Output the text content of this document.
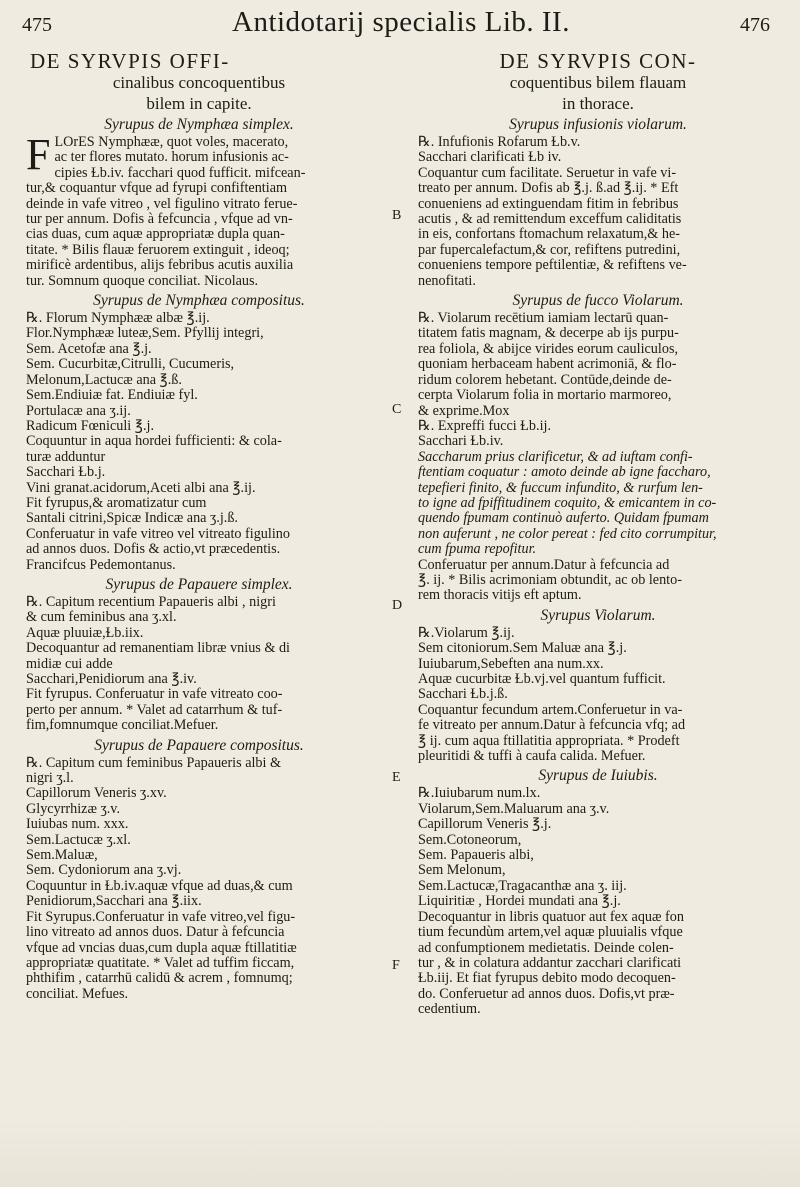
475	Antidotarij specialis Lib. II.	476
DE SYRVPIS OFFI-
cinalibus concoquentibus
bilem in capite.
Syrupus de Nymphæa simplex.
F LOrES Nymphææ, quot voles, macerato,
ac ter flores mutato. horum infusionis ac-
cipies Ɫb.iv. facchari quod fufficit. mifcean-
tur,& coquantur vfque ad fyrupi confiftentiam
deinde in vafe vitreo , vel figulino vitrato ferue-
tur per annum. Dofis à fefcuncia , vfque ad vn-
cias duas, cum aquæ appropriatæ dupla quan-
titate. * Bilis flauæ feruorem extinguit , ideoq;
mirificè ardentibus, alijs febribus acutis auxilia
tur. Somnum quoque conciliat. Nicolaus.
Syrupus de Nymphæa compositus.
℞. Florum Nymphææ albæ ℥.ij.
Flor.Nymphææ luteæ,Sem. Pfyllij integri,
Sem. Acetofæ ana ℥.j.
Sem. Cucurbitæ,Citrulli, Cucumeris,
Melonum,Lactucæ ana ℥.ß.
Sem.Endiuiæ fat. Endiuiæ fyl.
Portulacæ ana ʒ.ij.
Radicum Fœniculi ℥.j.
Coquuntur in aqua hordei fufficienti: & cola-
turæ adduntur
Sacchari Ɫb.j.
Vini granat.acidorum,Aceti albi ana ℥.ij.
Fit fyrupus,& aromatizatur cum
Santali citrini,Spicæ Indicæ ana ʒ.j.ß.
Conferuatur in vafe vitreo vel vitreato figulino
ad annos duos. Dofis & actio,vt præcedentis.
Francifcus Pedemontanus.
Syrupus de Papauere simplex.
℞. Capitum recentium Papaueris albi , nigri
& cum feminibus ana ʒ.xl.
Aquæ pluuiæ,Ɫb.iix.
Decoquantur ad remanentiam libræ vnius & di
midiæ cui adde
Sacchari,Penidiorum ana ℥.iv.
Fit fyrupus. Conferuatur in vafe vitreato coo-
perto per annum. * Valet ad catarrhum & tuf-
fim,fomnumque conciliat.Mefuer.
Syrupus de Papauere compositus.
℞. Capitum cum feminibus Papaueris albi &
nigri ʒ.l.
Capillorum Veneris ʒ.xv.
Glycyrrhizæ ʒ.v.
Iuiubas num. xxx.
Sem.Lactucæ ʒ.xl.
Sem.Maluæ,
Sem. Cydoniorum ana ʒ.vj.
Coquuntur in Ɫb.iv.aquæ vfque ad duas,& cum
Penidiorum,Sacchari ana ℥.iix.
Fit Syrupus.Conferuatur in vafe vitreo,vel figu-
lino vitreato ad annos duos. Datur à fefcuncia
vfque ad vncias duas,cum dupla aquæ ftillatitiæ
appropriatæ quatitate. * Valet ad tuffim ficcam,
phthifim , catarrhū calidū & acrem , fomnumq;
conciliat. Mefues.
B
C
D
E
F
DE SYRVPIS CON-
coquentibus bilem flauam
in thorace.
Syrupus infusionis violarum.
℞. Infufionis Rofarum Ɫb.v.
Sacchari clarificati Ɫb iv.
Coquantur cum facilitate. Seruetur in vafe vi-
treato per annum. Dofis ab ℥.j. ß.ad ℥.ij. * Eft
conueniens ad extinguendam fitim in febribus
acutis , & ad remittendum exceffum caliditatis
in eis, confortans ftomachum relaxatum,& he-
par fupercalefactum,& cor, refiftens putredini,
conueniens tempore peftilentiæ, & refiftens ve-
nenofitati.
Syrupus de fucco Violarum.
℞. Violarum recētium iamiam lectarū quan-
titatem fatis magnam, & decerpe ab ijs purpu-
rea foliola, & abijce virides eorum cauliculos,
quoniam herbaceam habent acrimoniā, & flo-
ridum colorem hebetant. Contūde,deinde de-
cerpta Violarum folia in mortario marmoreo,
& exprime.Mox
℞. Expreffi fucci Ɫb.ij.
Sacchari Ɫb.iv.
Saccharum prius clarificetur, & ad iuftam confi-
ftentiam coquatur : amoto deinde ab igne faccharo,
tepefieri finito, & fuccum infundito, & rurfum len-
to igne ad fpiffitudinem coquito, & emicantem in co-
quendo fpumam continuò auferto. Quidam fpumam
non auferunt , ne color pereat : fed cito corrumpitur,
cum fpuma repofitur.
Conferuatur per annum.Datur à fefcuncia ad
℥. ij. * Bilis acrimoniam obtundit, ac ob lento-
rem thoracis vitijs eft aptum.
Syrupus Violarum.
℞.Violarum ℥.ij.
Sem citoniorum.Sem Maluæ ana ℥.j.
Iuiubarum,Sebeften ana num.xx.
Aquæ cucurbitæ Ɫb.vj.vel quantum fufficit.
Sacchari Ɫb.j.ß.
Coquantur fecundum artem.Conferuetur in va-
fe vitreato per annum.Datur à fefcuncia vfq; ad
℥ ij. cum aqua ftillatitia appropriata. * Prodeft
pleuritidi & tuffi à caufa calida. Mefuer.
Syrupus de Iuiubis.
℞.Iuiubarum num.lx.
Violarum,Sem.Maluarum ana ʒ.v.
Capillorum Veneris ℥.j.
Sem.Cotoneorum,
Sem. Papaueris albi,
Sem Melonum,
Sem.Lactucæ,Tragacanthæ ana ʒ. iij.
Liquiritiæ , Hordei mundati ana ℥.j.
Decoquantur in libris quatuor aut fex aquæ fon
tium fecundùm artem,vel aquæ pluuialis vfque
ad confumptionem medietatis. Deinde colen-
tur , & in colatura addantur zacchari clarificati
Ɫb.iij. Et fiat fyrupus debito modo decoquen-
do. Conferuetur ad annos duos. Dofis,vt præ-
cedentium.
